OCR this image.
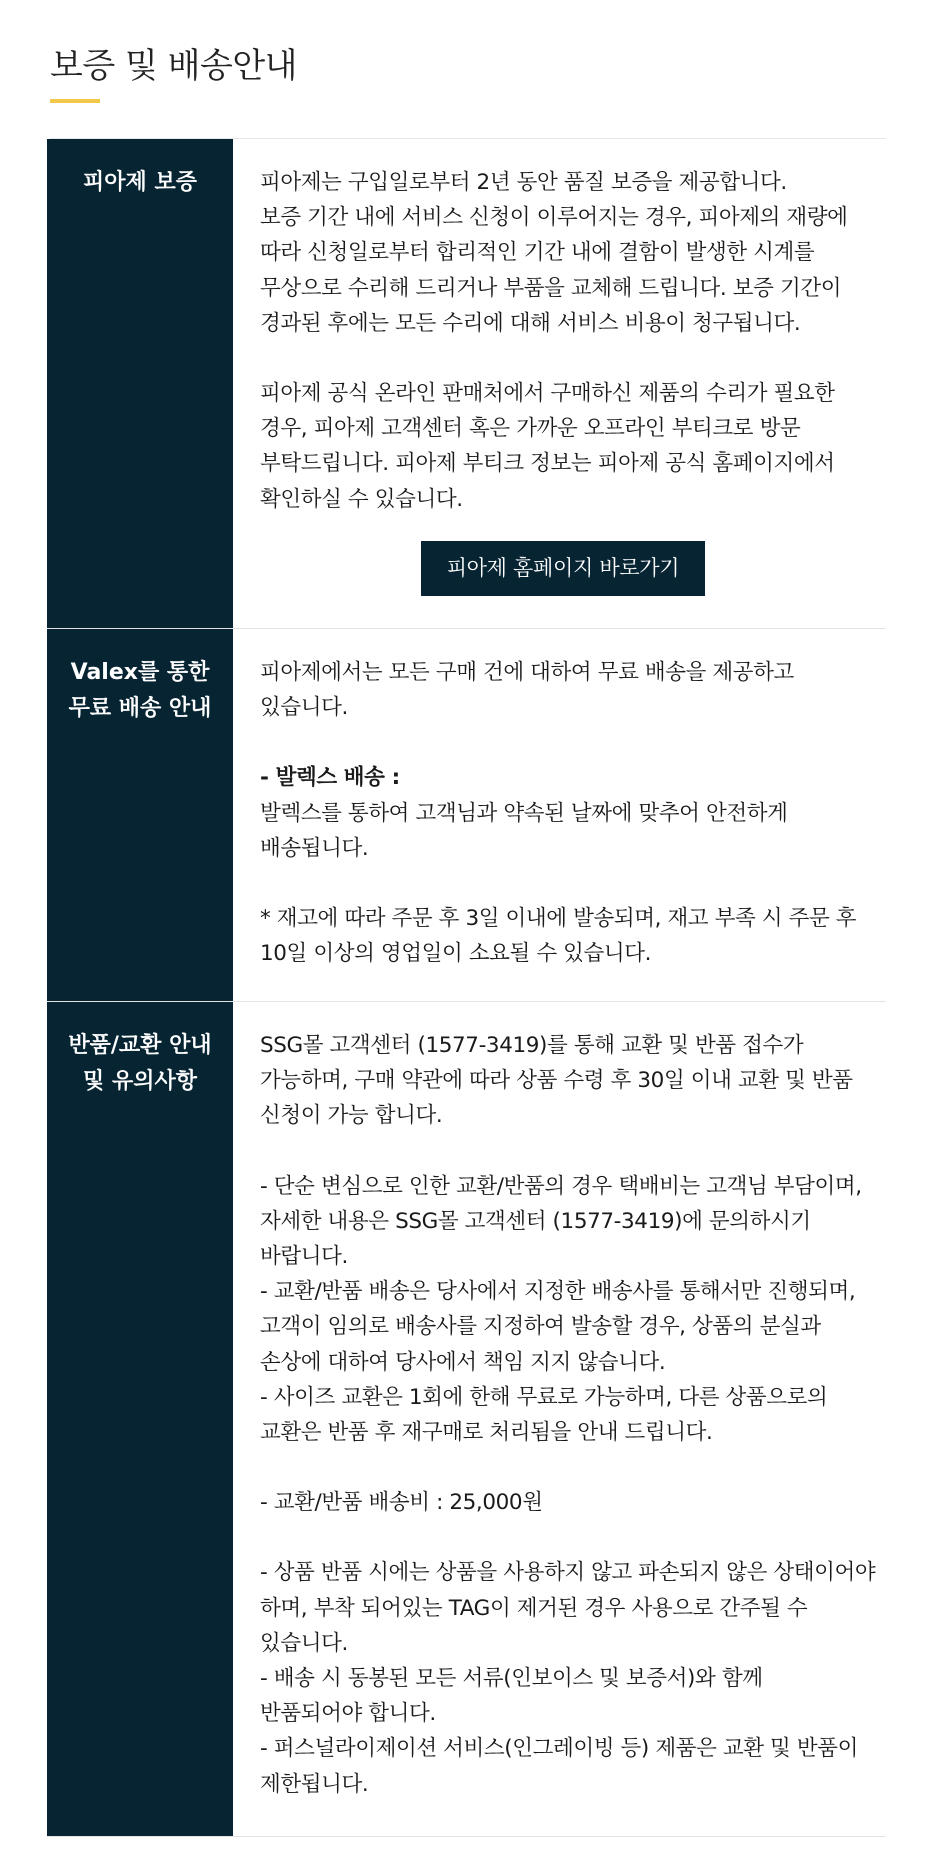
보증 및 배송안내
피아제 보증	피아제는 구입일로부터 2년 동안 품질 보증을 제공합니다.
보증 기간 내에 서비스 신청이 이루어지는 경우, 피아제의 재량에
따라 신청일로부터 합리적인 기간 내에 결함이 발생한 시계를
무상으로 수리해 드리거나 부품을 교체해 드립니다. 보증 기간이
경과된 후에는 모든 수리에 대해 서비스 비용이 청구됩니다.

피아제 공식 온라인 판매처에서 구매하신 제품의 수리가 필요한
경우, 피아제 고객센터 혹은 가까운 오프라인 부티크로 방문
부탁드립니다. 피아제 부티크 정보는 피아제 공식 홈페이지에서
확인하실 수 있습니다.

피아제 홈페이지 바로가기
Valex를 통한
무료 배송 안내

피아제에서는 모든 구매 건에 대하여 무료 배송을 제공하고
있습니다.

- 발렉스 배송 :
발렉스를 통하여 고객님과 약속된 날짜에 맞추어 안전하게
배송됩니다.

* 재고에 따라 주문 후 3일 이내에 발송되며, 재고 부족 시 주문 후
10일 이상의 영업일이 소요될 수 있습니다.

반품/교환 안내
및 유의사항

SSG몰 고객센터 (1577-3419)를 통해 교환 및 반품 접수가
가능하며, 구매 약관에 따라 상품 수령 후 30일 이내 교환 및 반품
신청이 가능 합니다.

- 단순 변심으로 인한 교환/반품의 경우 택배비는 고객님 부담이며,
자세한 내용은 SSG몰 고객센터 (1577-3419)에 문의하시기
바랍니다.
- 교환/반품 배송은 당사에서 지정한 배송사를 통해서만 진행되며,
고객이 임의로 배송사를 지정하여 발송할 경우, 상품의 분실과
손상에 대하여 당사에서 책임 지지 않습니다.
- 사이즈 교환은 1회에 한해 무료로 가능하며, 다른 상품으로의
교환은 반품 후 재구매로 처리됨을 안내 드립니다.

- 교환/반품 배송비 : 25,000원

- 상품 반품 시에는 상품을 사용하지 않고 파손되지 않은 상태이어야
하며, 부착 되어있는 TAG이 제거된 경우 사용으로 간주될 수
있습니다.
- 배송 시 동봉된 모든 서류(인보이스 및 보증서)와 함께
반품되어야 합니다.
- 퍼스널라이제이션 서비스(인그레이빙 등) 제품은 교환 및 반품이
제한됩니다.
